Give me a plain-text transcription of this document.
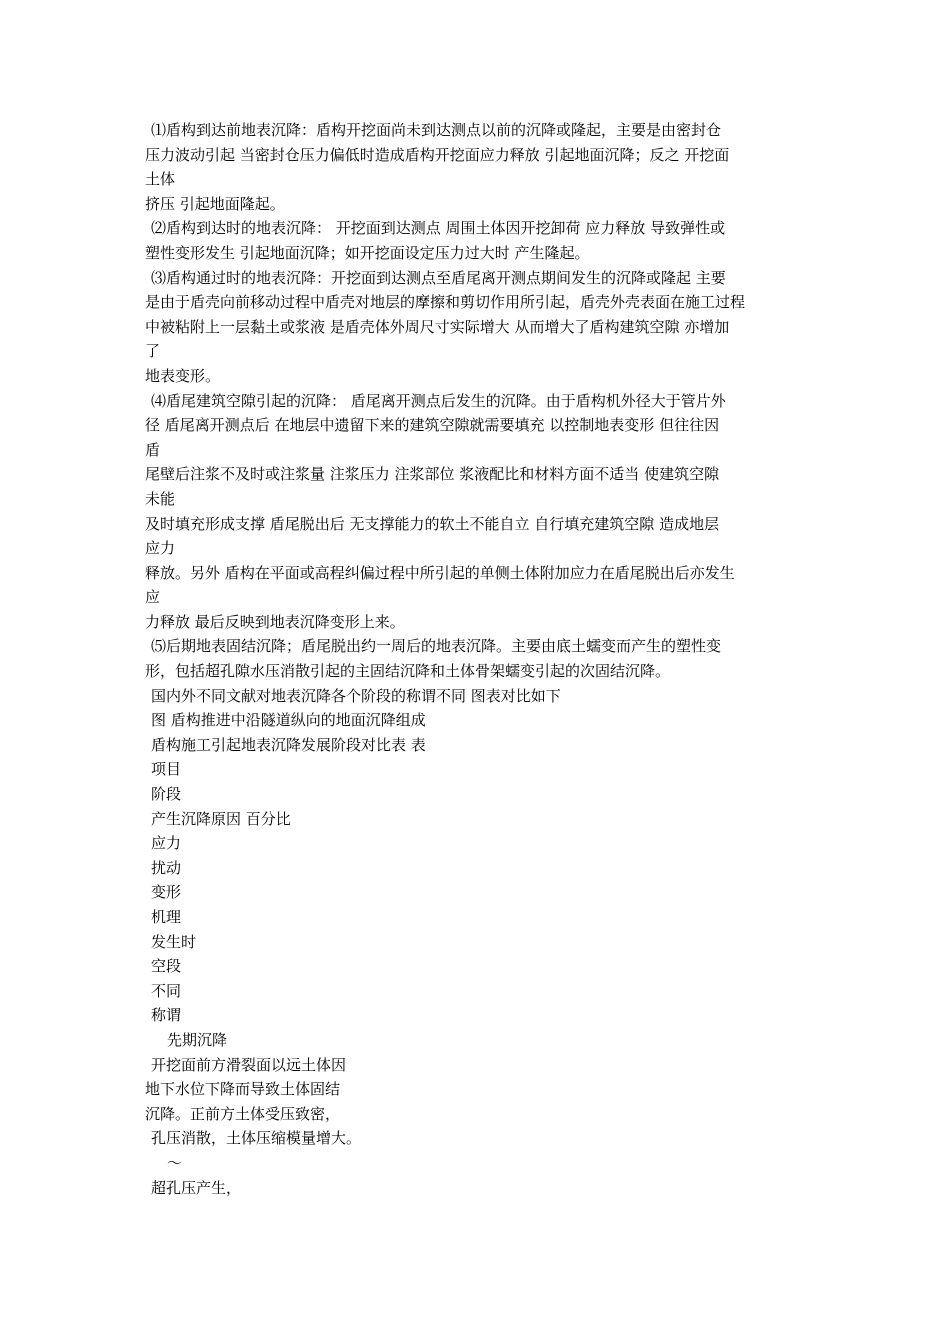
⑴盾构到达前地表沉降：盾构开挖面尚未到达测点以前的沉降或隆起，主要是由密封仓
压力波动引起 当密封仓压力偏低时造成盾构开挖面应力释放 引起地面沉降；反之 开挖面
土体
挤压 引起地面隆起。
⑵盾构到达时的地表沉降： 开挖面到达测点 周围土体因开挖卸荷 应力释放 导致弹性或
塑性变形发生 引起地面沉降；如开挖面设定压力过大时 产生隆起。
⑶盾构通过时的地表沉降：开挖面到达测点至盾尾离开测点期间发生的沉降或隆起 主要
是由于盾壳向前移动过程中盾壳对地层的摩擦和剪切作用所引起，盾壳外壳表面在施工过程
中被粘附上一层黏土或浆液 是盾壳体外周尺寸实际增大 从而增大了盾构建筑空隙 亦增加
了
地表变形。
⑷盾尾建筑空隙引起的沉降： 盾尾离开测点后发生的沉降。由于盾构机外径大于管片外
径 盾尾离开测点后 在地层中遗留下来的建筑空隙就需要填充 以控制地表变形 但往往因
盾
尾壁后注浆不及时或注浆量 注浆压力 注浆部位 浆液配比和材料方面不适当 使建筑空隙
未能
及时填充形成支撑 盾尾脱出后 无支撑能力的软土不能自立 自行填充建筑空隙 造成地层
应力
释放。另外 盾构在平面或高程纠偏过程中所引起的单侧土体附加应力在盾尾脱出后亦发生
应
力释放 最后反映到地表沉降变形上来。
⑸后期地表固结沉降；盾尾脱出约一周后的地表沉降。主要由底土蠕变而产生的塑性变
形，包括超孔隙水压消散引起的主固结沉降和土体骨架蠕变引起的次固结沉降。
国内外不同文献对地表沉降各个阶段的称谓不同 图表对比如下
图 盾构推进中沿隧道纵向的地面沉降组成
盾构施工引起地表沉降发展阶段对比表 表
项目
阶段
产生沉降原因 百分比
应力
扰动
变形
机理
发生时
空段
不同
称谓
先期沉降
开挖面前方滑裂面以远土体因
地下水位下降而导致土体固结
沉降。正前方土体受压致密，
孔压消散，土体压缩模量增大。
～
超孔压产生，
